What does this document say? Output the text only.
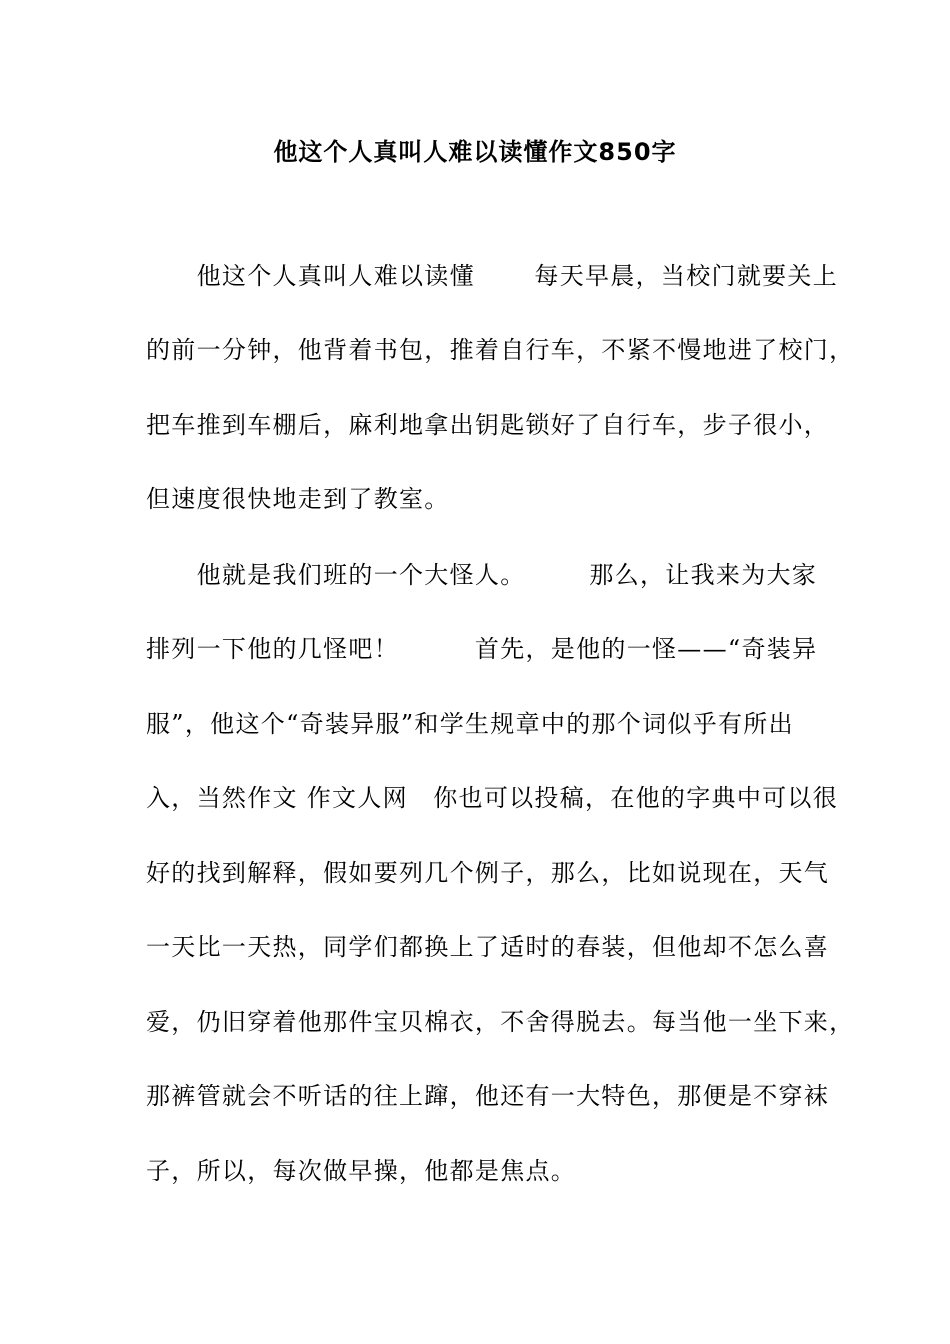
他这个人真叫人难以读懂作文850字
　　他这个人真叫人难以读懂　　 每天早晨，当校门就要关上
的前一分钟，他背着书包，推着自行车，不紧不慢地进了校门，
把车推到车棚后，麻利地拿出钥匙锁好了自行车，步子很小，
但速度很快地走到了教室。
　　他就是我们班的一个大怪人。　　　那么，让我来为大家
排列一下他的几怪吧！　　　首先，是他的一怪——“奇装异
服”，他这个“奇装异服”和学生规章中的那个词似乎有所出
入，当然作文 作文人网　你也可以投稿，在他的字典中可以很
好的找到解释，假如要列几个例子，那么，比如说现在，天气
一天比一天热，同学们都换上了适时的春装，但他却不怎么喜
爱，仍旧穿着他那件宝贝棉衣，不舍得脱去。每当他一坐下来，
那裤管就会不听话的往上蹿，他还有一大特色，那便是不穿袜
子，所以，每次做早操，他都是焦点。
